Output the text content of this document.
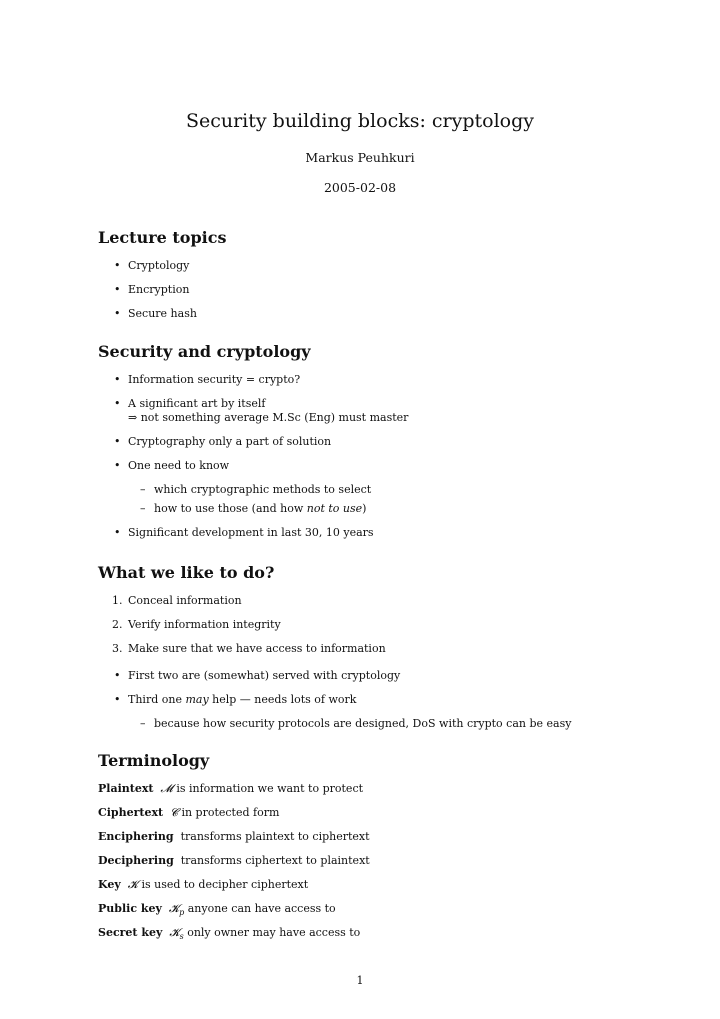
Security building blocks: cryptology
Markus Peuhkuri
2005-02-08
Lecture topics
• Cryptology
• Encryption
• Secure hash
Security and cryptology
• Information security = crypto?
• A significant art by itself
⇒ not something average M.Sc (Eng) must master
• Cryptography only a part of solution
• One need to know
– which cryptographic methods to select
– how to use those (and how not to use)
• Significant development in last 30, 10 years
What we like to do?
1. Conceal information
2. Verify information integrity
3. Make sure that we have access to information
• First two are (somewhat) served with cryptology
• Third one may help — needs lots of work
– because how security protocols are designed, DoS with crypto can be easy
Terminology
Plaintext 𝓜 is information we want to protect
Ciphertext 𝓒 in protected form
Enciphering transforms plaintext to ciphertext
Deciphering transforms ciphertext to plaintext
Key 𝓚 is used to decipher ciphertext
Public key 𝓚$_p$ anyone can have access to
Secret key 𝓚$_s$ only owner may have access to
1
